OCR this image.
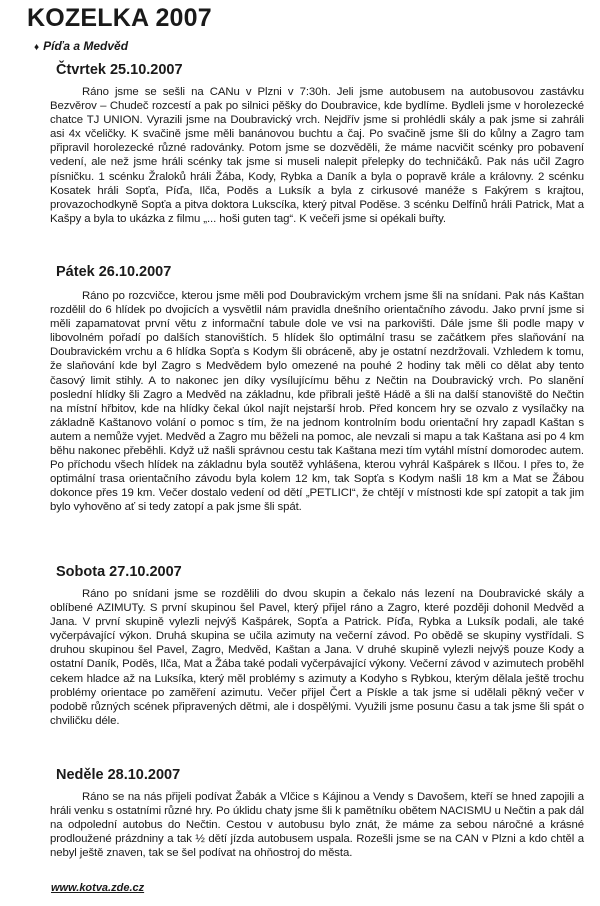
KOZELKA 2007
♦ Píďa a Medvěd
Čtvrtek 25.10.2007

Ráno jsme se sešli na CANu v Plzni v 7:30h. Jeli jsme autobusem na autobusovou zastávku Bezvěrov – Chudeč rozcestí a pak po silnici pěšky do Doubravice, kde bydlíme. Bydleli jsme v horolezecké chatce TJ UNION. Vyrazili jsme na Doubravický vrch. Nejdřív jsme si prohlédli skály a pak jsme si zahráli asi 4x včeličky. K svačině jsme měli banánovou buchtu a čaj. Po svačině jsme šli do kůlny a Zagro tam připravil horolezecké různé radovánky. Potom jsme se dozvěděli, že máme nacvičit scénky pro pobavení vedení, ale než jsme hráli scénky tak jsme si museli nalepit přelepky do techničáků. Pak nás učil Zagro písničku. 1 scénku Žraloků hráli Žába, Kody, Rybka a Daník a byla o popravě krále a královny. 2 scénku Kosatek hráli Sopťa, Píďa, Ilča, Poděs a Luksík a byla z cirkusové manéže s Fakýrem s krajtou, provazochodkyně Sopťa a pitva doktora Lukscíka, který pitval Poděse. 3 scénku Delfínů hráli Patrick, Mat a Kašpy a byla to ukázka z filmu „... hoši guten tag“. K večeři jsme si opékali buřty.

Pátek 26.10.2007

Ráno po rozcvičce, kterou jsme měli pod Doubravickým vrchem jsme šli na snídani. Pak nás Kaštan rozdělil do 6 hlídek po dvojicích a vysvětlil nám pravidla dnešního orientačního závodu. Jako první jsme si měli zapamatovat první větu z informační tabule dole ve vsi na parkovišti. Dále jsme šli podle mapy v libovolném pořadí po dalších stanovištích. 5 hlídek šlo optimální trasu se začátkem přes slaňování na Doubravickém vrchu a 6 hlídka Sopťa s Kodym šli obráceně, aby je ostatní nezdržovali. Vzhledem k tomu, že slaňování kde byl Zagro s Medvědem bylo omezené na pouhé 2 hodiny tak měli co dělat aby tento časový limit stihly. A to nakonec jen díky vysílujícímu běhu z Nečtin na Doubravický vrch. Po slanění poslední hlídky šli Zagro a Medvěd na základnu, kde přibrali ještě Hádě a šli na další stanoviště do Nečtin na místní hřbitov, kde na hlídky čekal úkol najít nejstarší hrob. Před koncem hry se ozvalo z vysílačky na základně Kaštanovo volání o pomoc s tím, že na jednom kontrolním bodu orientační hry zapadl Kaštan s autem a nemůže vyjet. Medvěd a Zagro mu běželi na pomoc, ale nevzali si mapu a tak Kaštana asi po 4 km běhu nakonec přeběhli. Když už našli správnou cestu tak Kaštana mezi tím vytáhl místní domorodec autem. Po příchodu všech hlídek na základnu byla soutěž vyhlášena, kterou vyhrál Kašpárek s Ilčou. I přes to, že optimální trasa orientačního závodu byla kolem 12 km, tak Sopťa s Kodym našli 18 km a Mat se Žábou dokonce přes 19 km. Večer dostalo vedení od dětí „PETLICI“, že chtějí v místnosti kde spí zatopit a tak jim bylo vyhověno ať si tedy zatopí a pak jsme šli spát.

Sobota 27.10.2007

Ráno po snídani jsme se rozdělili do dvou skupin a čekalo nás lezení na Doubravické skály a oblíbené AZIMUTy. S první skupinou šel Pavel, který přijel ráno a Zagro, které později dohonil Medvěd a Jana. V první skupině vylezli nejvýš Kašpárek, Sopťa a Patrick. Píďa, Rybka a Luksík podali, ale také vyčerpávající výkon. Druhá skupina se učila azimuty na večerní závod. Po obědě se skupiny vystřídali. S druhou skupinou šel Pavel, Zagro, Medvěd, Kaštan a Jana. V druhé skupině vylezli nejvýš pouze Kody a ostatní Daník, Poděs, Ilča, Mat a Žába také podali vyčerpávající výkony. Večerní závod v azimutech proběhl cekem hladce až na Luksíka, který měl problémy s azimuty a Kodyho s Rybkou, kterým dělala ještě trochu problémy orientace po zaměření azimutu. Večer přijel Čert a Pískle a tak jsme si udělali pěkný večer v podobě různých scének připravených dětmi, ale i dospělými. Využili jsme posunu času a tak jsme šli spát o chviličku déle.

Neděle 28.10.2007

Ráno se na nás přijeli podívat Žabák a Vlčice s Kájinou a Vendy s Davošem, kteří se hned zapojili a hráli venku s ostatními různé hry. Po úklidu chaty jsme šli k pamětníku obětem NACISMU u Nečtin a pak dál na odpolední autobus do Nečtin. Cestou v autobusu bylo znát, že máme za sebou náročné a krásné prodloužené prázdniny a tak ½ dětí jízda autobusem uspala. Rozešli jsme se na CAN v Plzni a kdo chtěl a nebyl ještě znaven, tak se šel podívat na ohňostroj do města.

www.kotva.zde.cz
